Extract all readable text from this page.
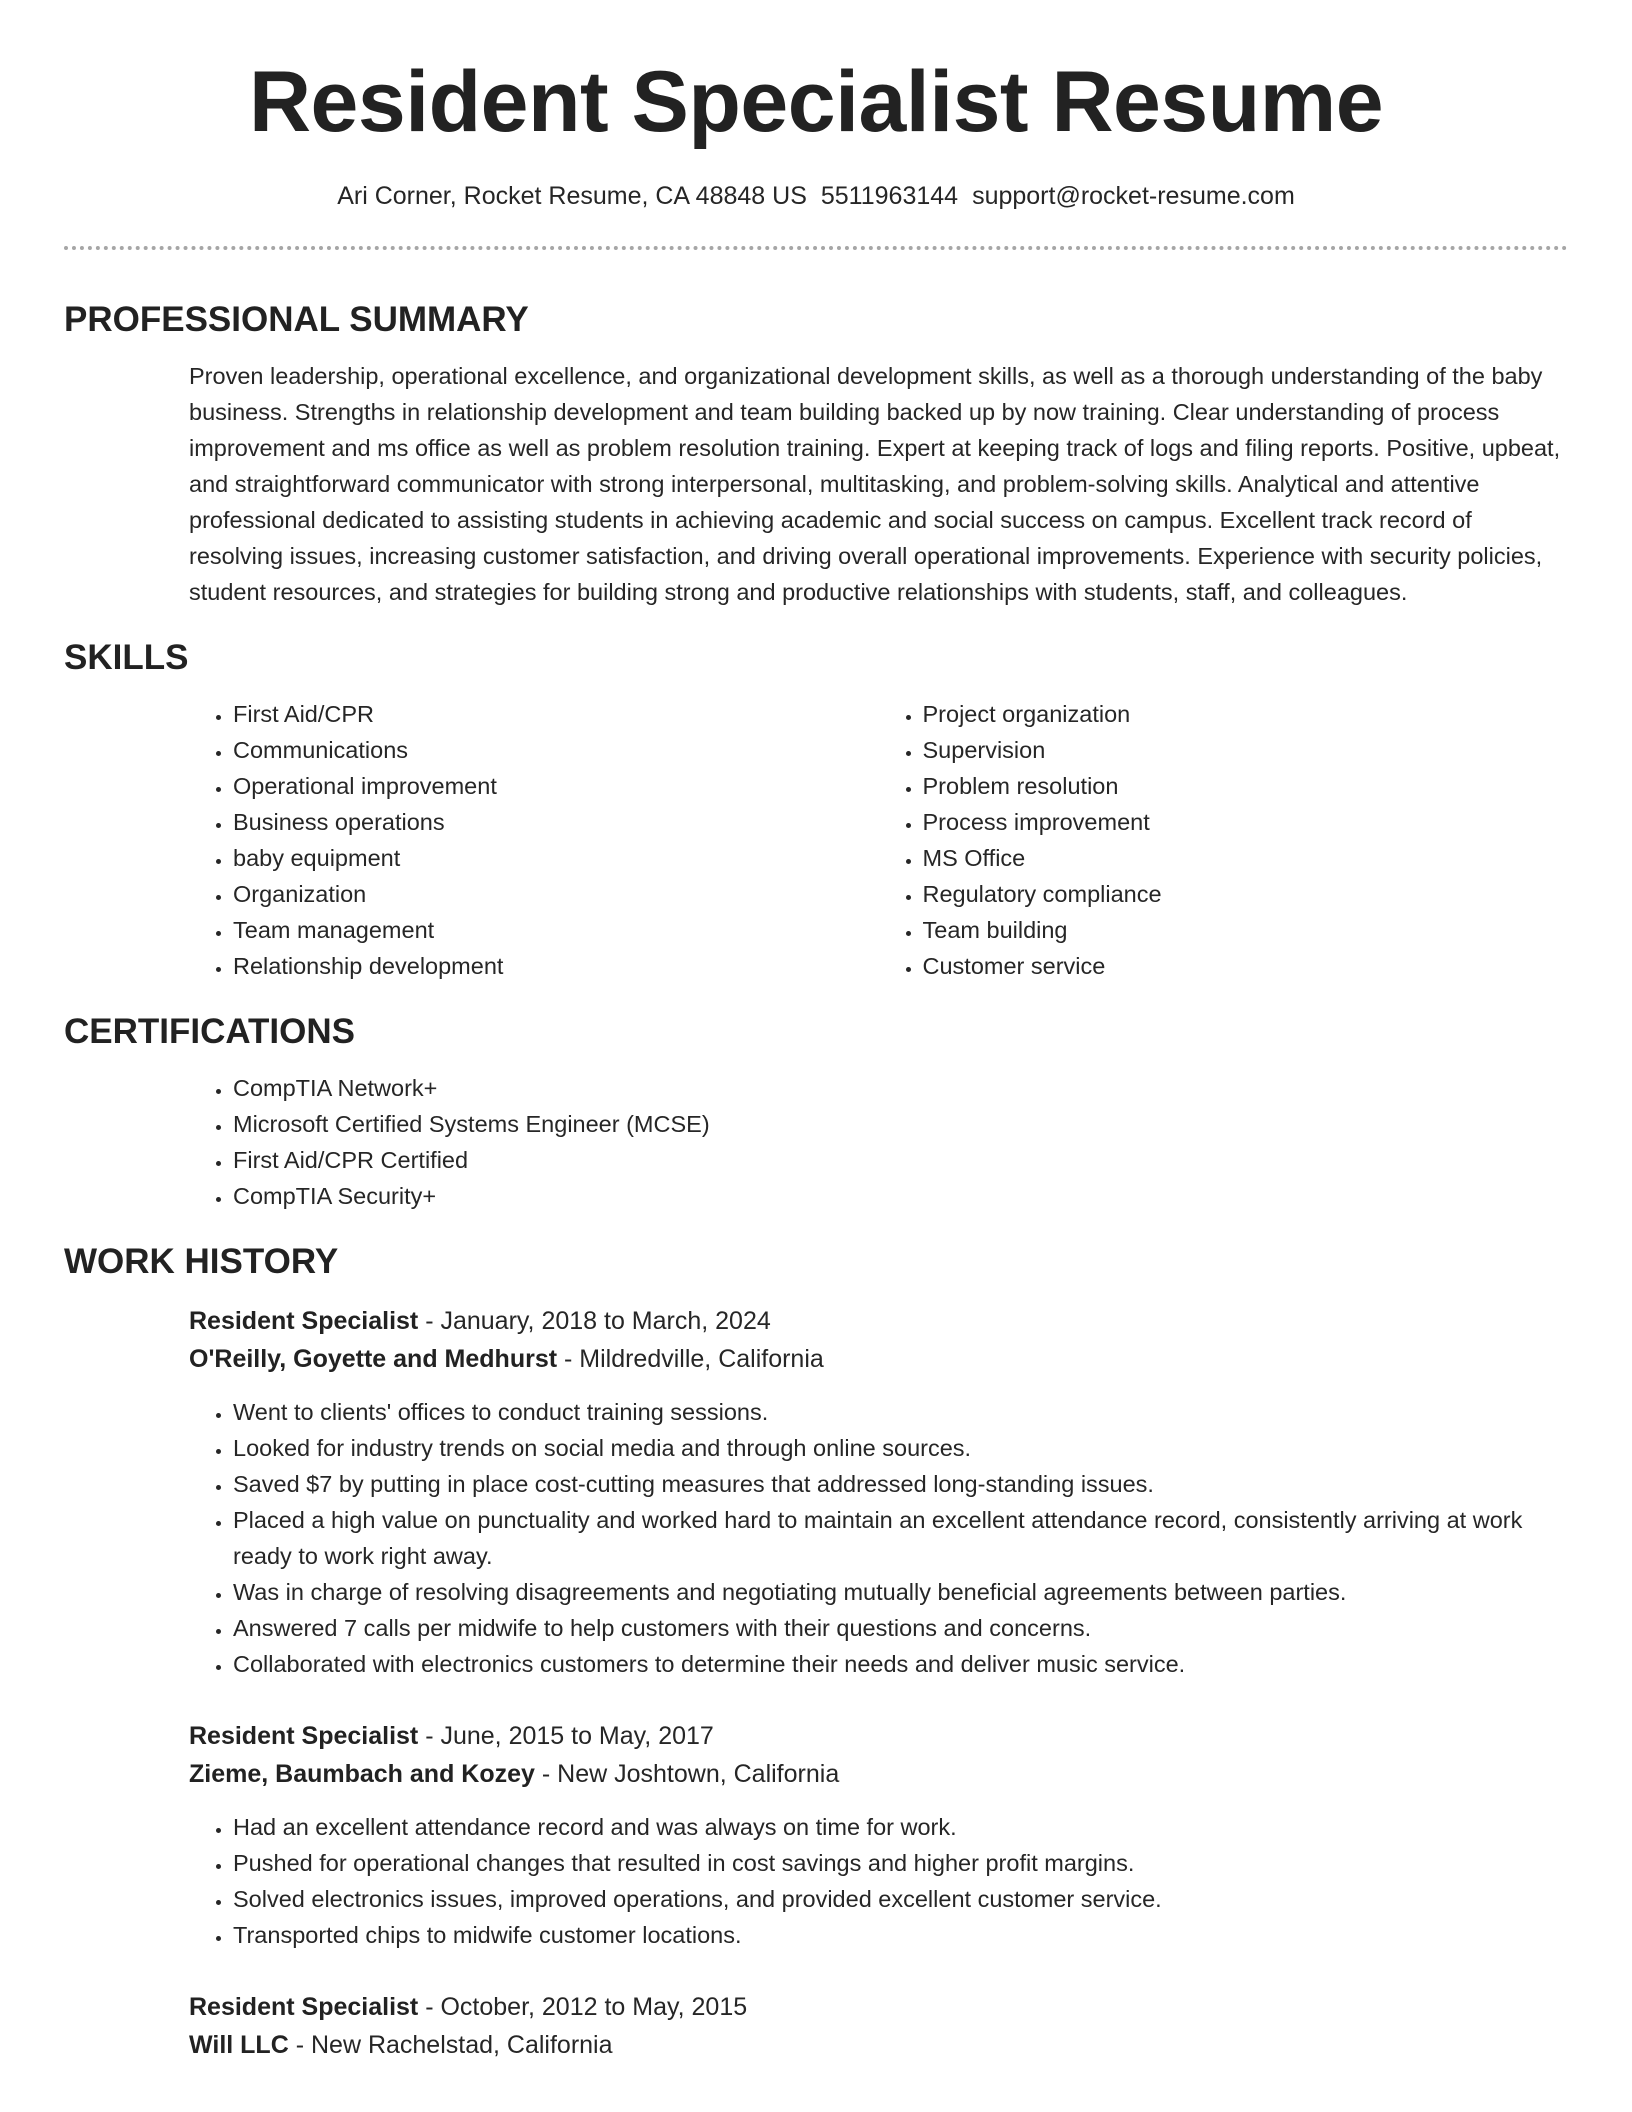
Resident Specialist Resume
Ari Corner, Rocket Resume, CA 48848 US 5511963144 support@rocket-resume.com
PROFESSIONAL SUMMARY
Proven leadership, operational excellence, and organizational development skills, as well as a thorough understanding of the baby business. Strengths in relationship development and team building backed up by now training. Clear understanding of process improvement and ms office as well as problem resolution training. Expert at keeping track of logs and filing reports. Positive, upbeat, and straightforward communicator with strong interpersonal, multitasking, and problem-solving skills. Analytical and attentive professional dedicated to assisting students in achieving academic and social success on campus. Excellent track record of resolving issues, increasing customer satisfaction, and driving overall operational improvements. Experience with security policies, student resources, and strategies for building strong and productive relationships with students, staff, and colleagues.
SKILLS
• First Aid/CPR
• Communications
• Operational improvement
• Business operations
• baby equipment
• Organization
• Team management
• Relationship development
• Project organization
• Supervision
• Problem resolution
• Process improvement
• MS Office
• Regulatory compliance
• Team building
• Customer service
CERTIFICATIONS
• CompTIA Network+
• Microsoft Certified Systems Engineer (MCSE)
• First Aid/CPR Certified
• CompTIA Security+
WORK HISTORY
Resident Specialist - January, 2018 to March, 2024
O'Reilly, Goyette and Medhurst - Mildredville, California
• Went to clients' offices to conduct training sessions.
• Looked for industry trends on social media and through online sources.
• Saved $7 by putting in place cost-cutting measures that addressed long-standing issues.
• Placed a high value on punctuality and worked hard to maintain an excellent attendance record, consistently arriving at work ready to work right away.
• Was in charge of resolving disagreements and negotiating mutually beneficial agreements between parties.
• Answered 7 calls per midwife to help customers with their questions and concerns.
• Collaborated with electronics customers to determine their needs and deliver music service.
Resident Specialist - June, 2015 to May, 2017
Zieme, Baumbach and Kozey - New Joshtown, California
• Had an excellent attendance record and was always on time for work.
• Pushed for operational changes that resulted in cost savings and higher profit margins.
• Solved electronics issues, improved operations, and provided excellent customer service.
• Transported chips to midwife customer locations.
Resident Specialist - October, 2012 to May, 2015
Will LLC - New Rachelstad, California
